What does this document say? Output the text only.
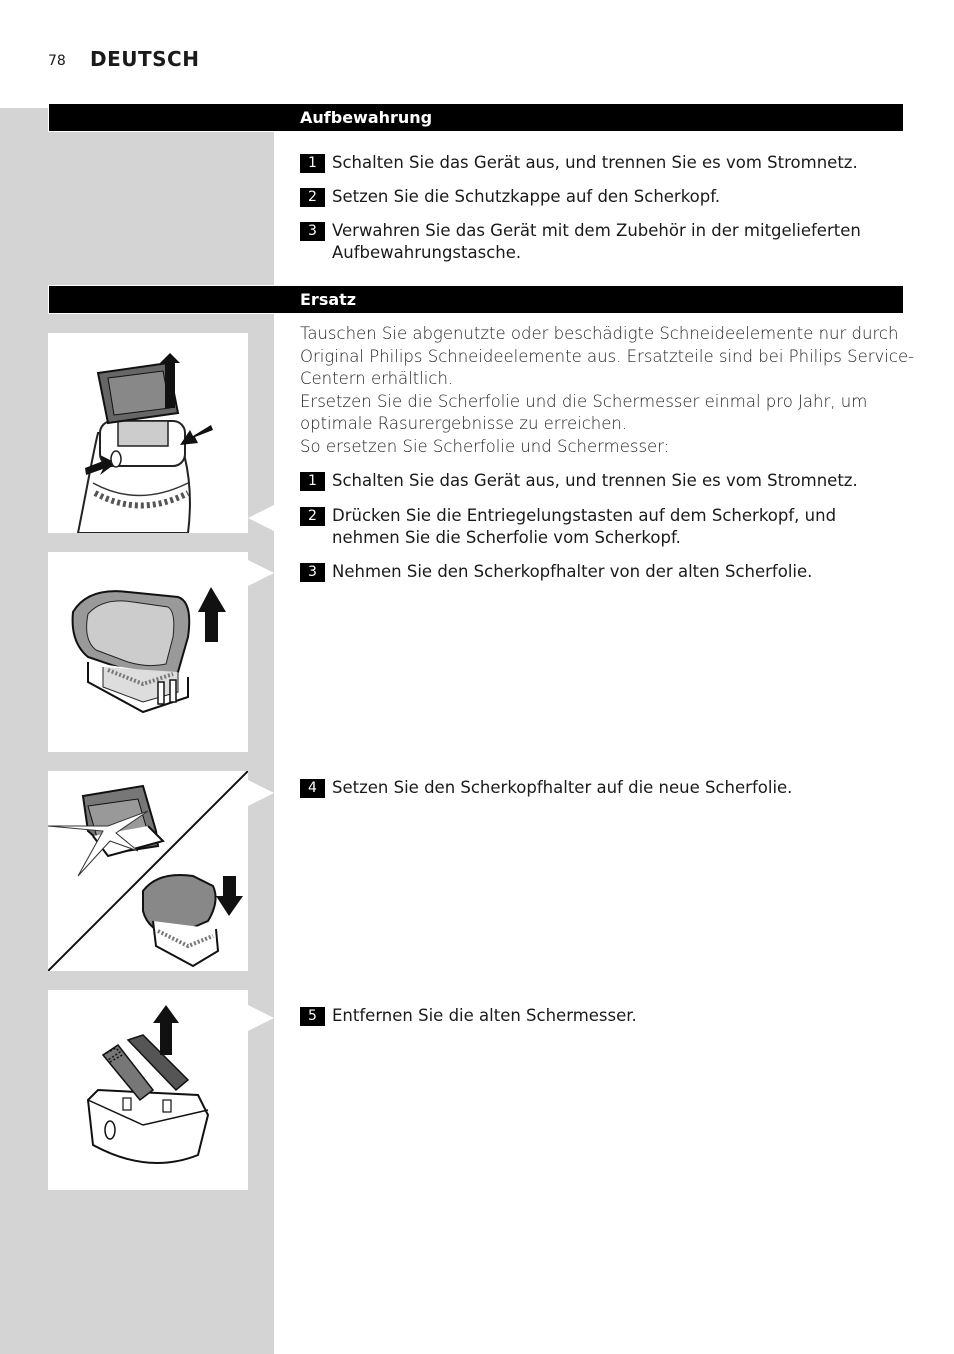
78 DEUTSCH
Aufbewahrung
1 Schalten Sie das Gerät aus, und trennen Sie es vom Stromnetz.
2 Setzen Sie die Schutzkappe auf den Scherkopf.
3 Verwahren Sie das Gerät mit dem Zubehör in der mitgelieferten Aufbewahrungstasche.
Ersatz
Tauschen Sie abgenutzte oder beschädigte Schneideelemente nur durch
Original Philips Schneideelemente aus. Ersatzteile sind bei Philips Service-
Centern erhältlich.
Ersetzen Sie die Scherfolie und die Schermesser einmal pro Jahr, um
optimale Rasurergebnisse zu erreichen.
So ersetzen Sie Scherfolie und Schermesser:
1 Schalten Sie das Gerät aus, und trennen Sie es vom Stromnetz.
2 Drücken Sie die Entriegelungstasten auf dem Scherkopf, und nehmen Sie die Scherfolie vom Scherkopf.
3 Nehmen Sie den Scherkopfhalter von der alten Scherfolie.
4 Setzen Sie den Scherkopfhalter auf die neue Scherfolie.
5 Entfernen Sie die alten Schermesser.
